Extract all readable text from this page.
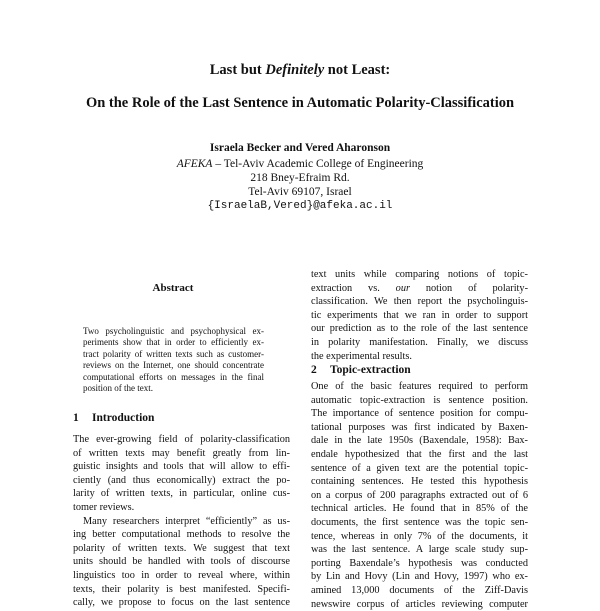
Last but Definitely not Least:
On the Role of the Last Sentence in Automatic Polarity-Classification
Israela Becker and Vered Aharonson
AFEKA – Tel-Aviv Academic College of Engineering
218 Bney-Efraim Rd.
Tel-Aviv 69107, Israel
{IsraelaB,Vered}@afeka.ac.il
Abstract
Two psycholinguistic and psychophysical ex-
periments show that in order to efficiently ex-
tract polarity of written texts such as customer-
reviews on the Internet, one should concentrate
computational efforts on messages in the final
position of the text.
1 Introduction
The ever-growing field of polarity-classification
of written texts may benefit greatly from lin-
guistic insights and tools that will allow to effi-
ciently (and thus economically) extract the po-
larity of written texts, in particular, online cus-
tomer reviews.
Many researchers interpret “efficiently” as us-
ing better computational methods to resolve the
polarity of written texts. We suggest that text
units should be handled with tools of discourse
linguistics too in order to reveal where, within
texts, their polarity is best manifested. Specifi-
cally, we propose to focus on the last sentence
text units while comparing notions of topic-
extraction vs. our notion of polarity-
classification. We then report the psycholinguis-
tic experiments that we ran in order to support
our prediction as to the role of the last sentence
in polarity manifestation. Finally, we discuss
the experimental results.
2 Topic-extraction
One of the basic features required to perform
automatic topic-extraction is sentence position.
The importance of sentence position for compu-
tational purposes was first indicated by Baxen-
dale in the late 1950s (Baxendale, 1958): Bax-
endale hypothesized that the first and the last
sentence of a given text are the potential topic-
containing sentences. He tested this hypothesis
on a corpus of 200 paragraphs extracted out of 6
technical articles. He found that in 85% of the
documents, the first sentence was the topic sen-
tence, whereas in only 7% of the documents, it
was the last sentence. A large scale study sup-
porting Baxendale’s hypothesis was conducted
by Lin and Hovy (Lin and Hovy, 1997) who ex-
amined 13,000 documents of the Ziff-Davis
newswire corpus of articles reviewing computer
